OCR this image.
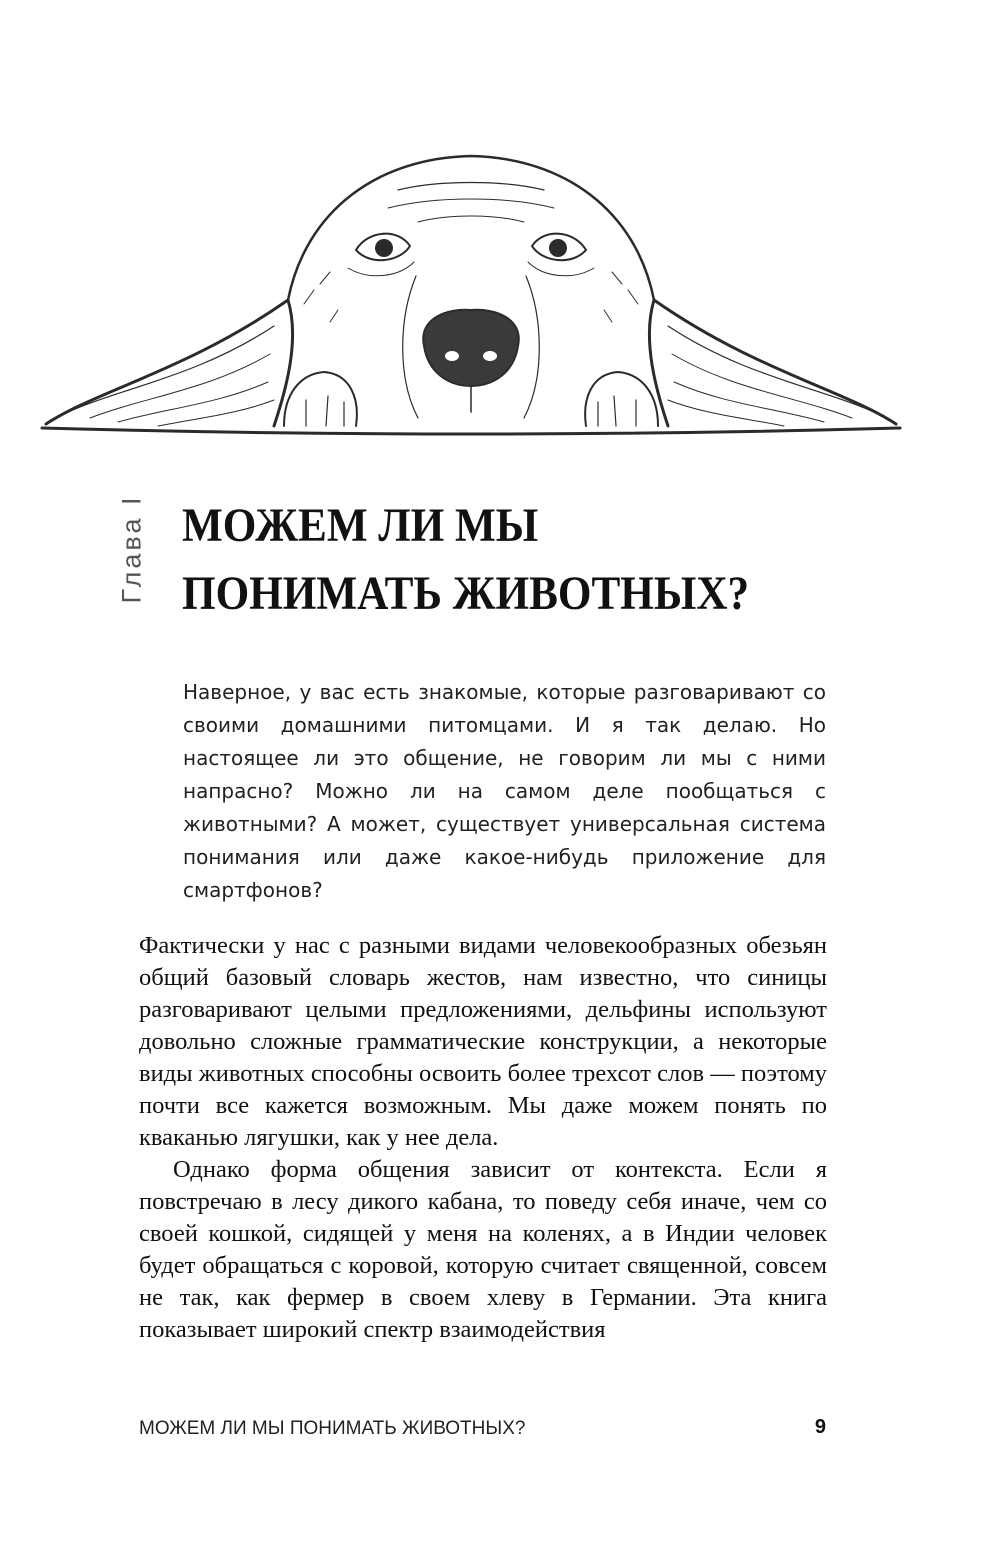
Глава I МОЖЕМ ЛИ МЫ
ПОНИМАТЬ ЖИВОТНЫХ?

Наверное, у вас есть знакомые, которые разговаривают со своими домашними питомцами. И я так делаю. Но настоящее ли это общение, не говорим ли мы с ними напрасно? Можно ли на самом деле пообщаться с животными? А может, существует универсальная система понимания или даже какое-нибудь приложение для смартфонов?

Фактически у нас с разными видами человекообразных обезьян общий базовый словарь жестов, нам известно, что синицы разговаривают целыми предложениями, дельфины используют довольно сложные грамматические конструкции, а некоторые виды животных способны освоить более трехсот слов — поэтому почти все кажется возможным. Мы даже можем понять по кваканью лягушки, как у нее дела.

Однако форма общения зависит от контекста. Если я повстречаю в лесу дикого кабана, то поведу себя иначе, чем со своей кошкой, сидящей у меня на коленях, а в Индии человек будет обращаться с коровой, которую считает священной, совсем не так, как фермер в своем хлеву в Германии. Эта книга показывает широкий спектр взаимодействия

МОЖЕМ ЛИ МЫ ПОНИМАТЬ ЖИВОТНЫХ?	9
